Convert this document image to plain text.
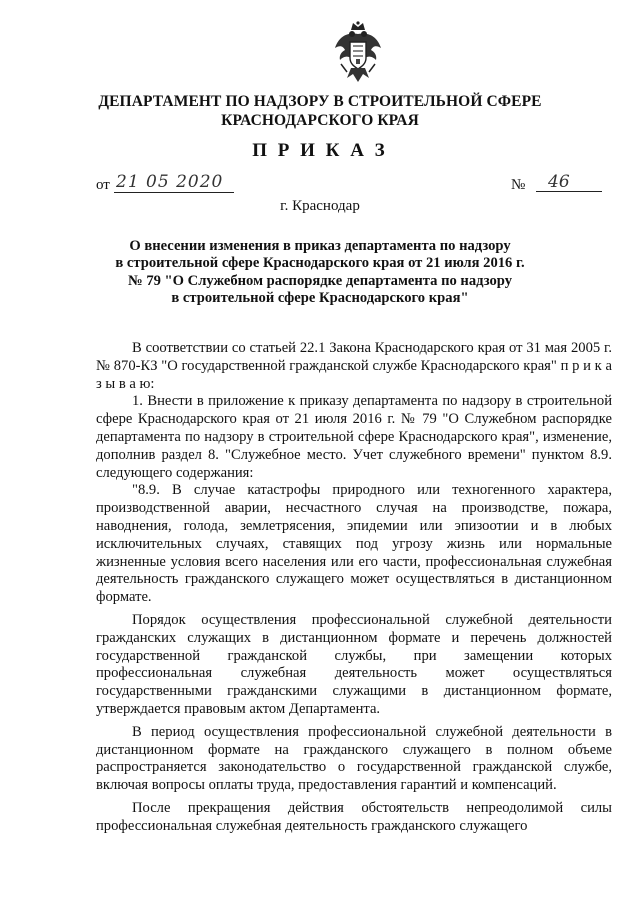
ДЕПАРТАМЕНТ ПО НАДЗОРУ В СТРОИТЕЛЬНОЙ СФЕРЕ
КРАСНОДАРСКОГО КРАЯ
П Р И К А З
от 21 05 2020	№	46
г. Краснодар
О внесении изменения в приказ департамента по надзору
в строительной сфере Краснодарского края от 21 июля 2016 г.
№ 79 "О Служебном распорядке департамента по надзору
в строительной сфере Краснодарского края"

В соответствии со статьей 22.1 Закона Краснодарского края от 31 мая 2005 г. № 870-КЗ "О государственной гражданской службе Краснодарского края" п р и к а з ы в а ю:

1. Внести в приложение к приказу департамента по надзору в строительной сфере Краснодарского края от 21 июля 2016 г. № 79 "О Служебном распорядке департамента по надзору в строительной сфере Краснодарского края", изменение, дополнив раздел 8. "Служебное место. Учет служебного времени" пунктом 8.9. следующего содержания:

"8.9. В случае катастрофы природного или техногенного характера, производственной аварии, несчастного случая на производстве, пожара, наводнения, голода, землетрясения, эпидемии или эпизоотии и в любых исключительных случаях, ставящих под угрозу жизнь или нормальные жизненные условия всего населения или его части, профессиональная служебная деятельность гражданского служащего может осуществляться в дистанционном формате.

Порядок осуществления профессиональной служебной деятельности гражданских служащих в дистанционном формате и перечень должностей государственной гражданской службы, при замещении которых профессиональная служебная деятельность может осуществляться государственными гражданскими служащими в дистанционном формате, утверждается правовым актом Департамента.

В период осуществления профессиональной служебной деятельности в дистанционном формате на гражданского служащего в полном объеме распространяется законодательство о государственной гражданской службе, включая вопросы оплаты труда, предоставления гарантий и компенсаций.

После прекращения действия обстоятельств непреодолимой силы профессиональная служебная деятельность гражданского служащего
